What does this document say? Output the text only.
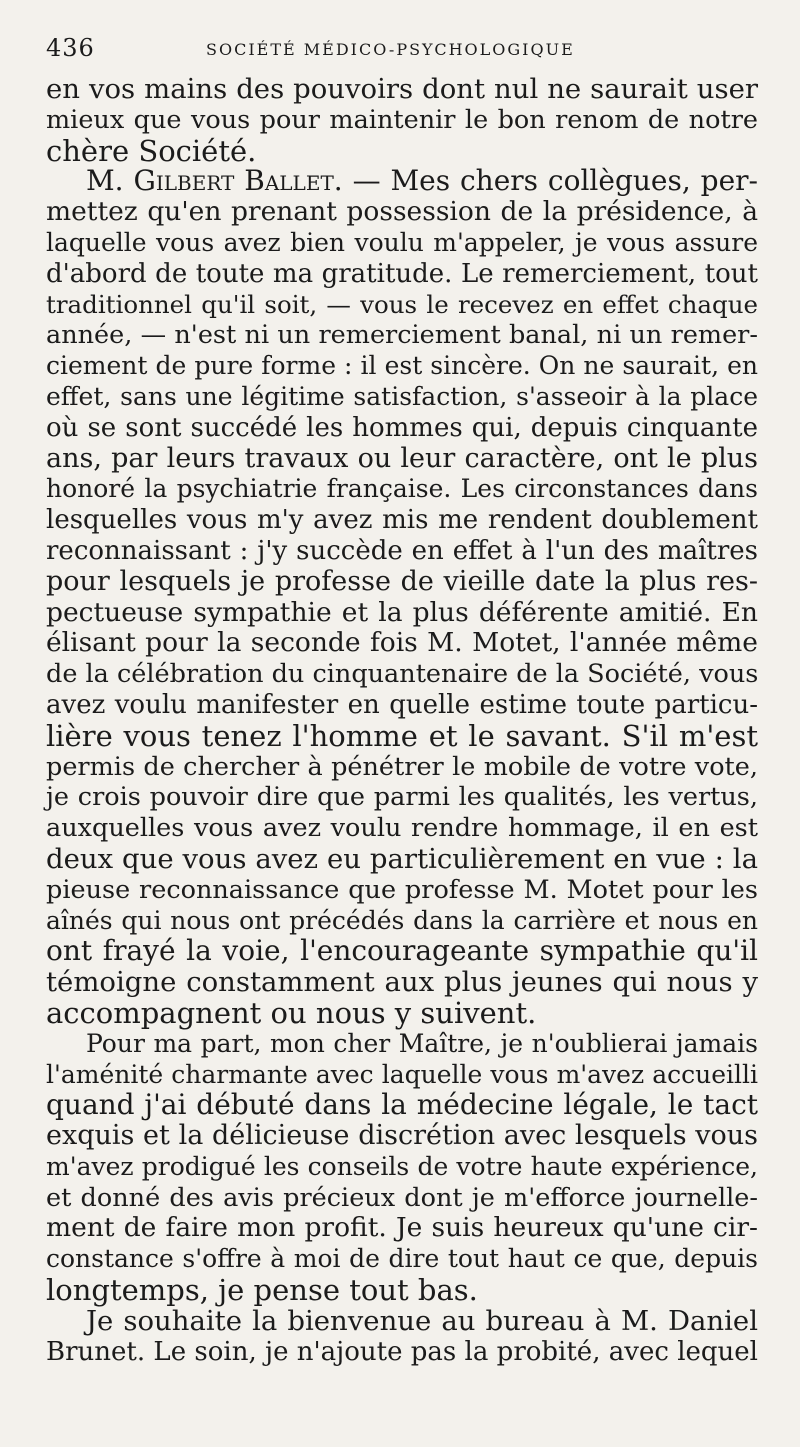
436	SOCIÉTÉ MÉDICO-PSYCHOLOGIQUE
en vos mains des pouvoirs dont nul ne saurait user
mieux que vous pour maintenir le bon renom de notre
chère Société.
M. Gilbert Ballet. — Mes chers collègues, per-
mettez qu'en prenant possession de la présidence, à
laquelle vous avez bien voulu m'appeler, je vous assure
d'abord de toute ma gratitude. Le remerciement, tout
traditionnel qu'il soit, — vous le recevez en effet chaque
année, — n'est ni un remerciement banal, ni un remer-
ciement de pure forme : il est sincère. On ne saurait, en
effet, sans une légitime satisfaction, s'asseoir à la place
où se sont succédé les hommes qui, depuis cinquante
ans, par leurs travaux ou leur caractère, ont le plus
honoré la psychiatrie française. Les circonstances dans
lesquelles vous m'y avez mis me rendent doublement
reconnaissant : j'y succède en effet à l'un des maîtres
pour lesquels je professe de vieille date la plus res-
pectueuse sympathie et la plus déférente amitié. En
élisant pour la seconde fois M. Motet, l'année même
de la célébration du cinquantenaire de la Société, vous
avez voulu manifester en quelle estime toute particu-
lière vous tenez l'homme et le savant. S'il m'est
permis de chercher à pénétrer le mobile de votre vote,
je crois pouvoir dire que parmi les qualités, les vertus,
auxquelles vous avez voulu rendre hommage, il en est
deux que vous avez eu particulièrement en vue : la
pieuse reconnaissance que professe M. Motet pour les
aînés qui nous ont précédés dans la carrière et nous en
ont frayé la voie, l'encourageante sympathie qu'il
témoigne constamment aux plus jeunes qui nous y
accompagnent ou nous y suivent.
Pour ma part, mon cher Maître, je n'oublierai jamais
l'aménité charmante avec laquelle vous m'avez accueilli
quand j'ai débuté dans la médecine légale, le tact
exquis et la délicieuse discrétion avec lesquels vous
m'avez prodigué les conseils de votre haute expérience,
et donné des avis précieux dont je m'efforce journelle-
ment de faire mon profit. Je suis heureux qu'une cir-
constance s'offre à moi de dire tout haut ce que, depuis
longtemps, je pense tout bas.
Je souhaite la bienvenue au bureau à M. Daniel
Brunet. Le soin, je n'ajoute pas la probité, avec lequel
